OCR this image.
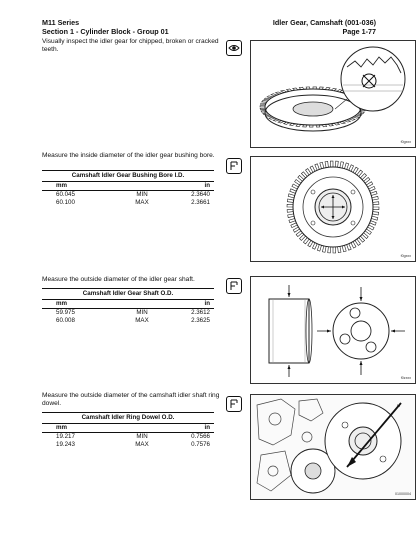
M11 Series
Section 1 - Cylinder Block - Group 01
Idler Gear, Camshaft (001-036)
Page 1-77
Visually inspect the idler gear for chipped, broken or cracked teeth.
f0gxxx
Measure the inside diameter of the idler gear bushing bore.
Camshaft Idler Gear Bushing Bore I.D.
mm	in
60.045	MIN	2.3640
60.100	MAX	2.3661
f0gxxx
Measure the outside diameter of the idler gear shaft.
Camshaft Idler Gear Shaft O.D.
mm	in
59.975	MIN	2.3612
60.008	MAX	2.3625
f0zxxx
Measure the outside diameter of the camshaft idler shaft ring dowel.
Camshaft Idler Ring Dowel O.D.
mm	in
19.217	MIN	0.7566
19.243	MAX	0.7576
M
01000004
